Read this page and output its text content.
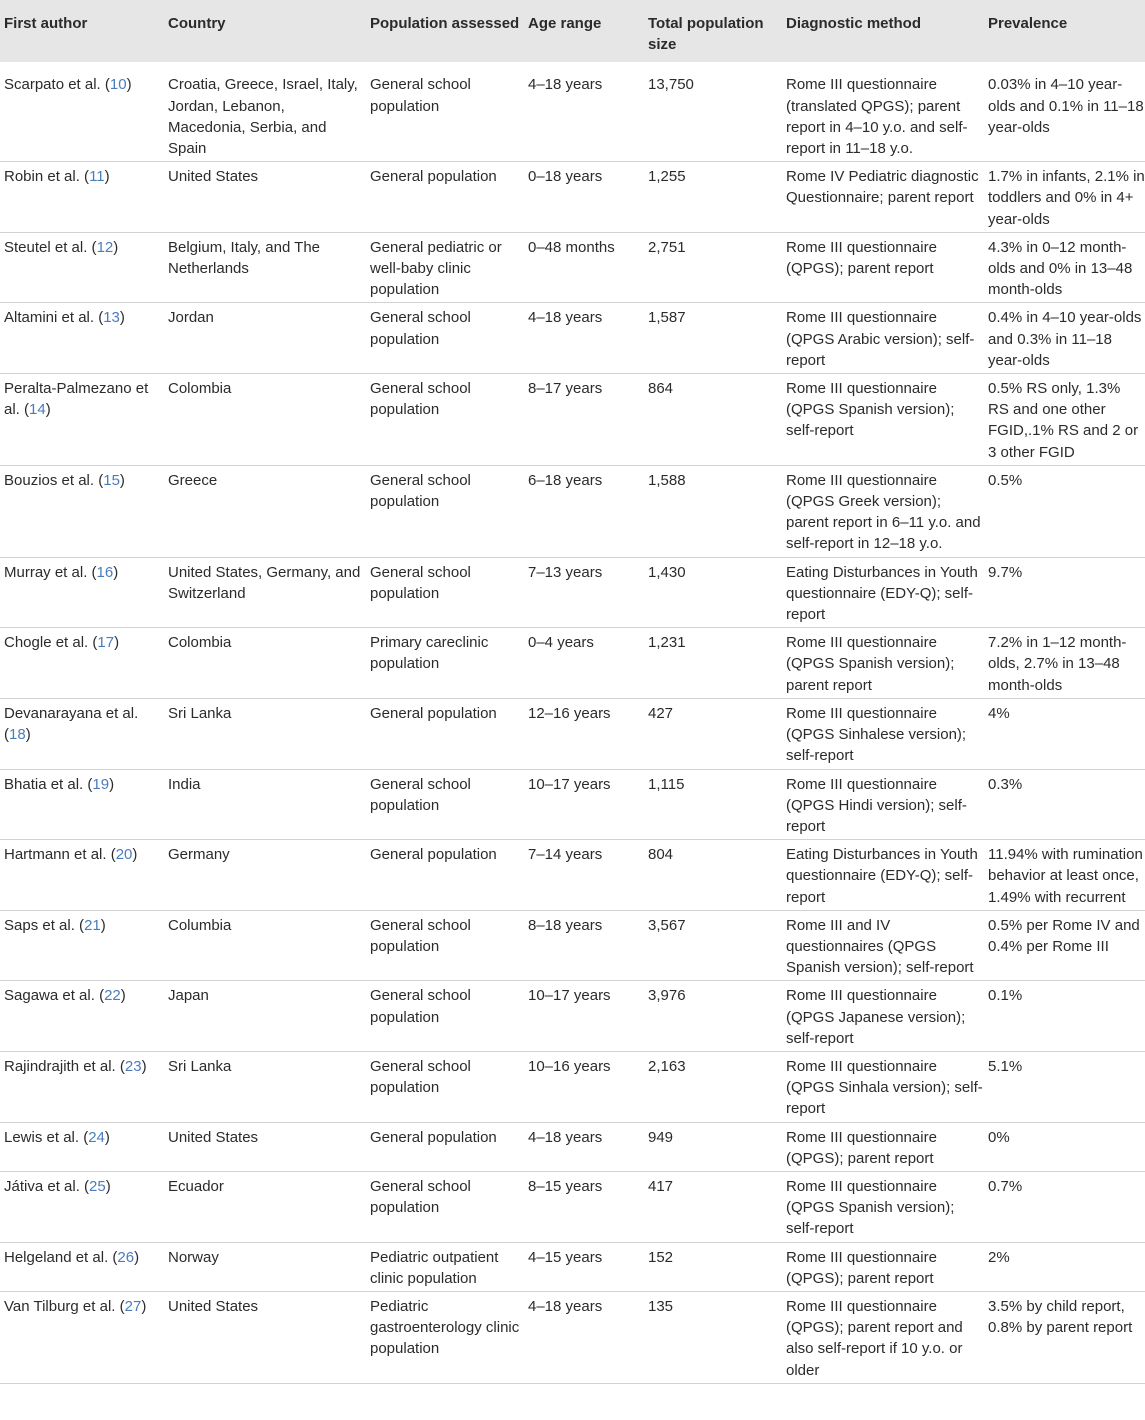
First author	Country	Population assessed	Age range	Total population size	Diagnostic method	Prevalence
Scarpato et al. (10)	Croatia, Greece, Israel, Italy, Jordan, Lebanon, Macedonia, Serbia, and Spain	General school population	4–18 years	13,750	Rome III questionnaire (translated QPGS); parent report in 4–10 y.o. and self-report in 11–18 y.o.	0.03% in 4–10 year-olds and 0.1% in 11–18 year-olds
Robin et al. (11)	United States	General population	0–18 years	1,255	Rome IV Pediatric diagnostic Questionnaire; parent report	1.7% in infants, 2.1% in toddlers and 0% in 4+ year-olds
Steutel et al. (12)	Belgium, Italy, and The Netherlands	General pediatric or well-baby clinic population	0–48 months	2,751	Rome III questionnaire (QPGS); parent report	4.3% in 0–12 month-olds and 0% in 13–48 month-olds
Altamini et al. (13)	Jordan	General school population	4–18 years	1,587	Rome III questionnaire (QPGS Arabic version); self-report	0.4% in 4–10 year-olds and 0.3% in 11–18 year-olds
Peralta-Palmezano et al. (14)	Colombia	General school population	8–17 years	864	Rome III questionnaire (QPGS Spanish version); self-report	0.5% RS only, 1.3% RS and one other FGID,.1% RS and 2 or 3 other FGID
Bouzios et al. (15)	Greece	General school population	6–18 years	1,588	Rome III questionnaire (QPGS Greek version); parent report in 6–11 y.o. and self-report in 12–18 y.o.	0.5%
Murray et al. (16)	United States, Germany, and Switzerland	General school population	7–13 years	1,430	Eating Disturbances in Youth questionnaire (EDY-Q); self-report	9.7%
Chogle et al. (17)	Colombia	Primary careclinic population	0–4 years	1,231	Rome III questionnaire (QPGS Spanish version); parent report	7.2% in 1–12 month-olds, 2.7% in 13–48 month-olds
Devanarayana et al. (18)	Sri Lanka	General population	12–16 years	427	Rome III questionnaire (QPGS Sinhalese version); self-report	4%
Bhatia et al. (19)	India	General school population	10–17 years	1,115	Rome III questionnaire (QPGS Hindi version); self-report	0.3%
Hartmann et al. (20)	Germany	General population	7–14 years	804	Eating Disturbances in Youth questionnaire (EDY-Q); self-report	11.94% with rumination behavior at least once, 1.49% with recurrent
Saps et al. (21)	Columbia	General school population	8–18 years	3,567	Rome III and IV questionnaires (QPGS Spanish version); self-report	0.5% per Rome IV and 0.4% per Rome III
Sagawa et al. (22)	Japan	General school population	10–17 years	3,976	Rome III questionnaire (QPGS Japanese version); self-report	0.1%
Rajindrajith et al. (23)	Sri Lanka	General school population	10–16 years	2,163	Rome III questionnaire (QPGS Sinhala version); self-report	5.1%
Lewis et al. (24)	United States	General population	4–18 years	949	Rome III questionnaire (QPGS); parent report	0%
Játiva et al. (25)	Ecuador	General school population	8–15 years	417	Rome III questionnaire (QPGS Spanish version); self-report	0.7%
Helgeland et al. (26)	Norway	Pediatric outpatient clinic population	4–15 years	152	Rome III questionnaire (QPGS); parent report	2%
Van Tilburg et al. (27)	United States	Pediatric gastroenterology clinic population	4–18 years	135	Rome III questionnaire (QPGS); parent report and also self-report if 10 y.o. or older	3.5% by child report, 0.8% by parent report
